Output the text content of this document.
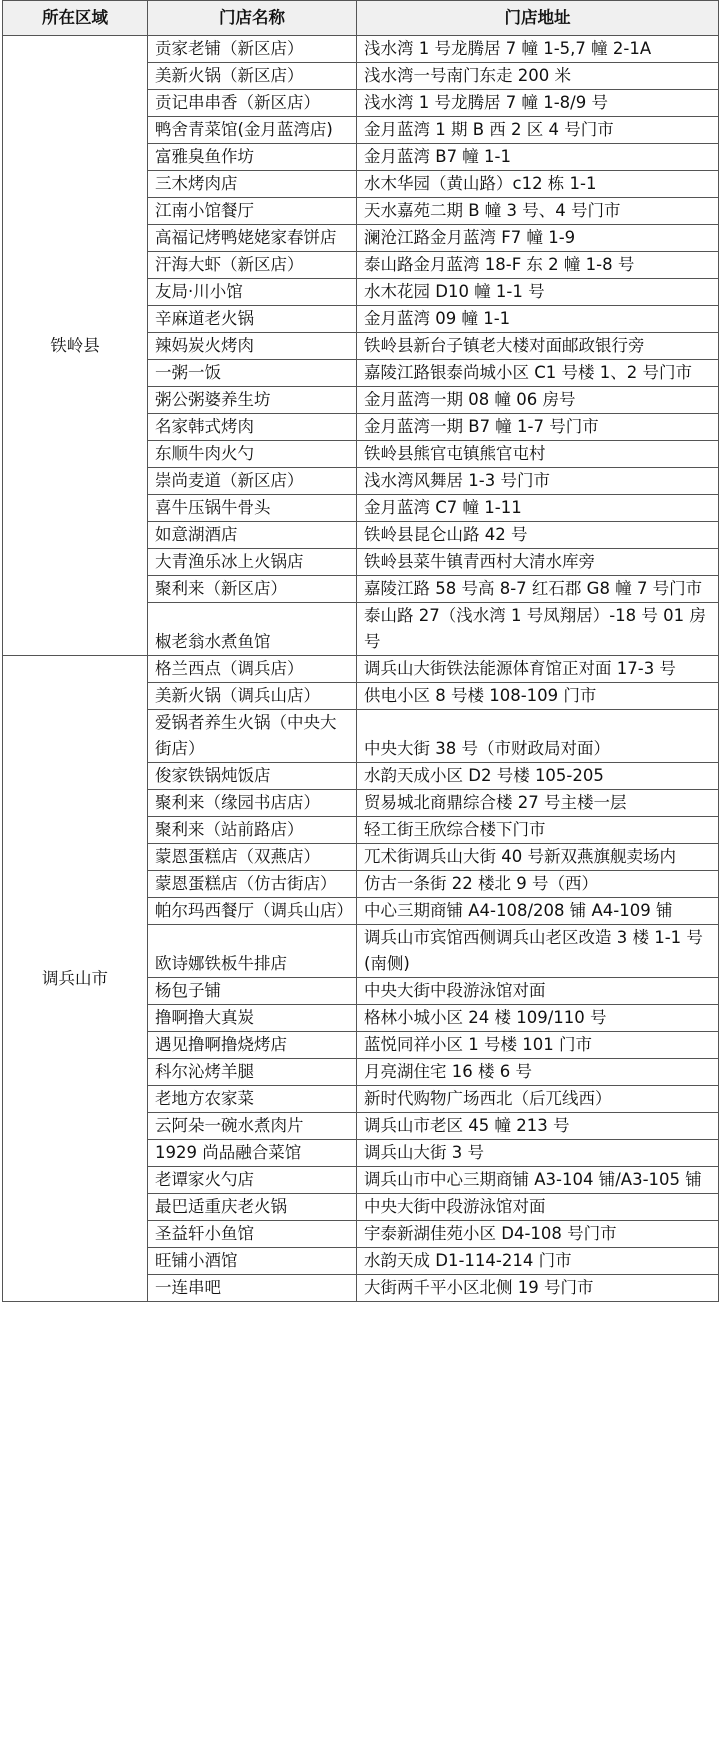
所在区域	门店名称	门店地址
铁岭县	贡家老铺（新区店）	浅水湾 1 号龙腾居 7 幢 1-5,7 幢 2-1A
	美新火锅（新区店）	浅水湾一号南门东走 200 米
	贡记串串香（新区店）	浅水湾 1 号龙腾居 7 幢 1-8/9 号
	鸭舍青菜馆(金月蓝湾店)	金月蓝湾 1 期 B 西 2 区 4 号门市
	富雅臭鱼作坊	金月蓝湾 B7 幢 1-1
	三木烤肉店	水木华园（黄山路）c12 栋 1-1
	江南小馆餐厅	天水嘉苑二期 B 幢 3 号、4 号门市
	高福记烤鸭姥姥家春饼店	澜沧江路金月蓝湾 F7 幢 1-9
	汗海大虾（新区店）	泰山路金月蓝湾 18-F 东 2 幢 1-8 号
	友局·川小馆	水木花园 D10 幢 1-1 号
	辛麻道老火锅	金月蓝湾 09 幢 1-1
	辣妈炭火烤肉	铁岭县新台子镇老大楼对面邮政银行旁
	一粥一饭	嘉陵江路银泰尚城小区 C1 号楼 1、2 号门市
	粥公粥婆养生坊	金月蓝湾一期 08 幢 06 房号
	名家韩式烤肉	金月蓝湾一期 B7 幢 1-7 号门市
	东顺牛肉火勺	铁岭县熊官屯镇熊官屯村
	崇尚麦道（新区店）	浅水湾风舞居 1-3 号门市
	喜牛压锅牛骨头	金月蓝湾 C7 幢 1-11
	如意湖酒店	铁岭县昆仑山路 42 号
	大青渔乐冰上火锅店	铁岭县菜牛镇青西村大清水库旁
	聚利来（新区店）	嘉陵江路 58 号高 8-7 红石郡 G8 幢 7 号门市
	椒老翁水煮鱼馆	泰山路 27（浅水湾 1 号凤翔居）-18 号 01 房号
调兵山市	格兰西点（调兵店）	调兵山大街铁法能源体育馆正对面 17-3 号
	美新火锅（调兵山店）	供电小区 8 号楼 108-109 门市
	爱锅者养生火锅（中央大街店）	中央大街 38 号（市财政局对面）
	俊家铁锅炖饭店	水韵天成小区 D2 号楼 105-205
	聚利来（缘园书店店）	贸易城北商鼎综合楼 27 号主楼一层
	聚利来（站前路店）	轻工街王欣综合楼下门市
	蒙恩蛋糕店（双燕店）	兀术街调兵山大街 40 号新双燕旗舰卖场内
	蒙恩蛋糕店（仿古街店）	仿古一条街 22 楼北 9 号（西）
	帕尔玛西餐厅（调兵山店）	中心三期商铺 A4-108/208 铺 A4-109 铺
	欧诗娜铁板牛排店	调兵山市宾馆西侧调兵山老区改造 3 楼 1-1 号(南侧)
	杨包子铺	中央大街中段游泳馆对面
	撸啊撸大真炭	格林小城小区 24 楼 109/110 号
	遇见撸啊撸烧烤店	蓝悦同祥小区 1 号楼 101 门市
	科尔沁烤羊腿	月亮湖住宅 16 楼 6 号
	老地方农家菜	新时代购物广场西北（后兀线西）
	云阿朵一碗水煮肉片	调兵山市老区 45 幢 213 号
	1929 尚品融合菜馆	调兵山大街 3 号
	老谭家火勺店	调兵山市中心三期商铺 A3-104 铺/A3-105 铺
	最巴适重庆老火锅	中央大街中段游泳馆对面
	圣益轩小鱼馆	宇泰新湖佳苑小区 D4-108 号门市
	旺铺小酒馆	水韵天成 D1-114-214 门市
	一连串吧	大街两千平小区北侧 19 号门市
